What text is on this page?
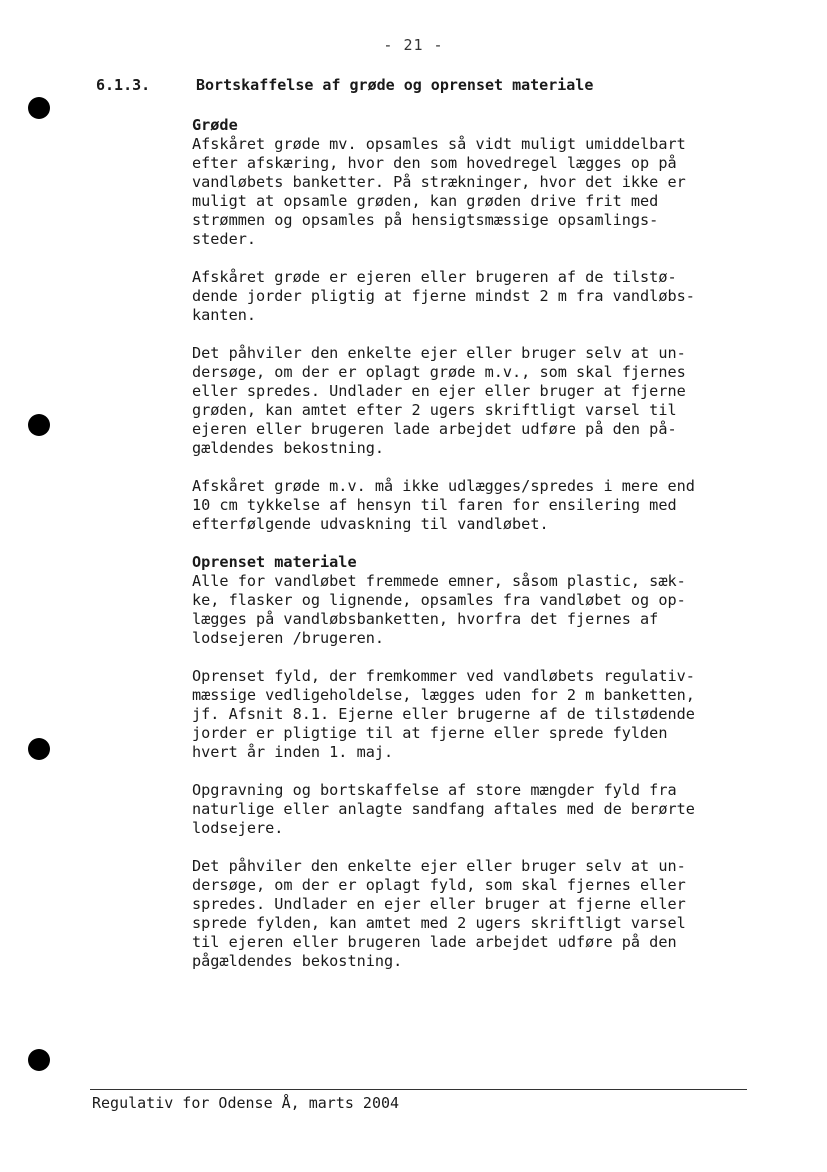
- 21 -
6.1.3.	Bortskaffelse af grøde og oprenset materiale
Grøde
Afskåret grøde mv. opsamles så vidt muligt umiddelbart
efter afskæring, hvor den som hovedregel lægges op på
vandløbets banketter. På strækninger, hvor det ikke er
muligt at opsamle grøden, kan grøden drive frit med
strømmen og opsamles på hensigtsmæssige opsamlings-
steder.
Afskåret grøde er ejeren eller brugeren af de tilstø-
dende jorder pligtig at fjerne mindst 2 m fra vandløbs-
kanten.
Det påhviler den enkelte ejer eller bruger selv at un-
dersøge, om der er oplagt grøde m.v., som skal fjernes
eller spredes. Undlader en ejer eller bruger at fjerne
grøden, kan amtet efter 2 ugers skriftligt varsel til
ejeren eller brugeren lade arbejdet udføre på den på-
gældendes bekostning.
Afskåret grøde m.v. må ikke udlægges/spredes i mere end
10 cm tykkelse af hensyn til faren for ensilering med
efterfølgende udvaskning til vandløbet.
Oprenset materiale
Alle for vandløbet fremmede emner, såsom plastic, sæk-
ke, flasker og lignende, opsamles fra vandløbet og op-
lægges på vandløbsbanketten, hvorfra det fjernes af
lodsejeren /brugeren.
Oprenset fyld, der fremkommer ved vandløbets regulativ-
mæssige vedligeholdelse, lægges uden for 2 m banketten,
jf. Afsnit 8.1. Ejerne eller brugerne af de tilstødende
jorder er pligtige til at fjerne eller sprede fylden
hvert år inden 1. maj.
Opgravning og bortskaffelse af store mængder fyld fra
naturlige eller anlagte sandfang aftales med de berørte
lodsejere.
Det påhviler den enkelte ejer eller bruger selv at un-
dersøge, om der er oplagt fyld, som skal fjernes eller
spredes. Undlader en ejer eller bruger at fjerne eller
sprede fylden, kan amtet med 2 ugers skriftligt varsel
til ejeren eller brugeren lade arbejdet udføre på den
pågældendes bekostning.
Regulativ for Odense Å, marts 2004
